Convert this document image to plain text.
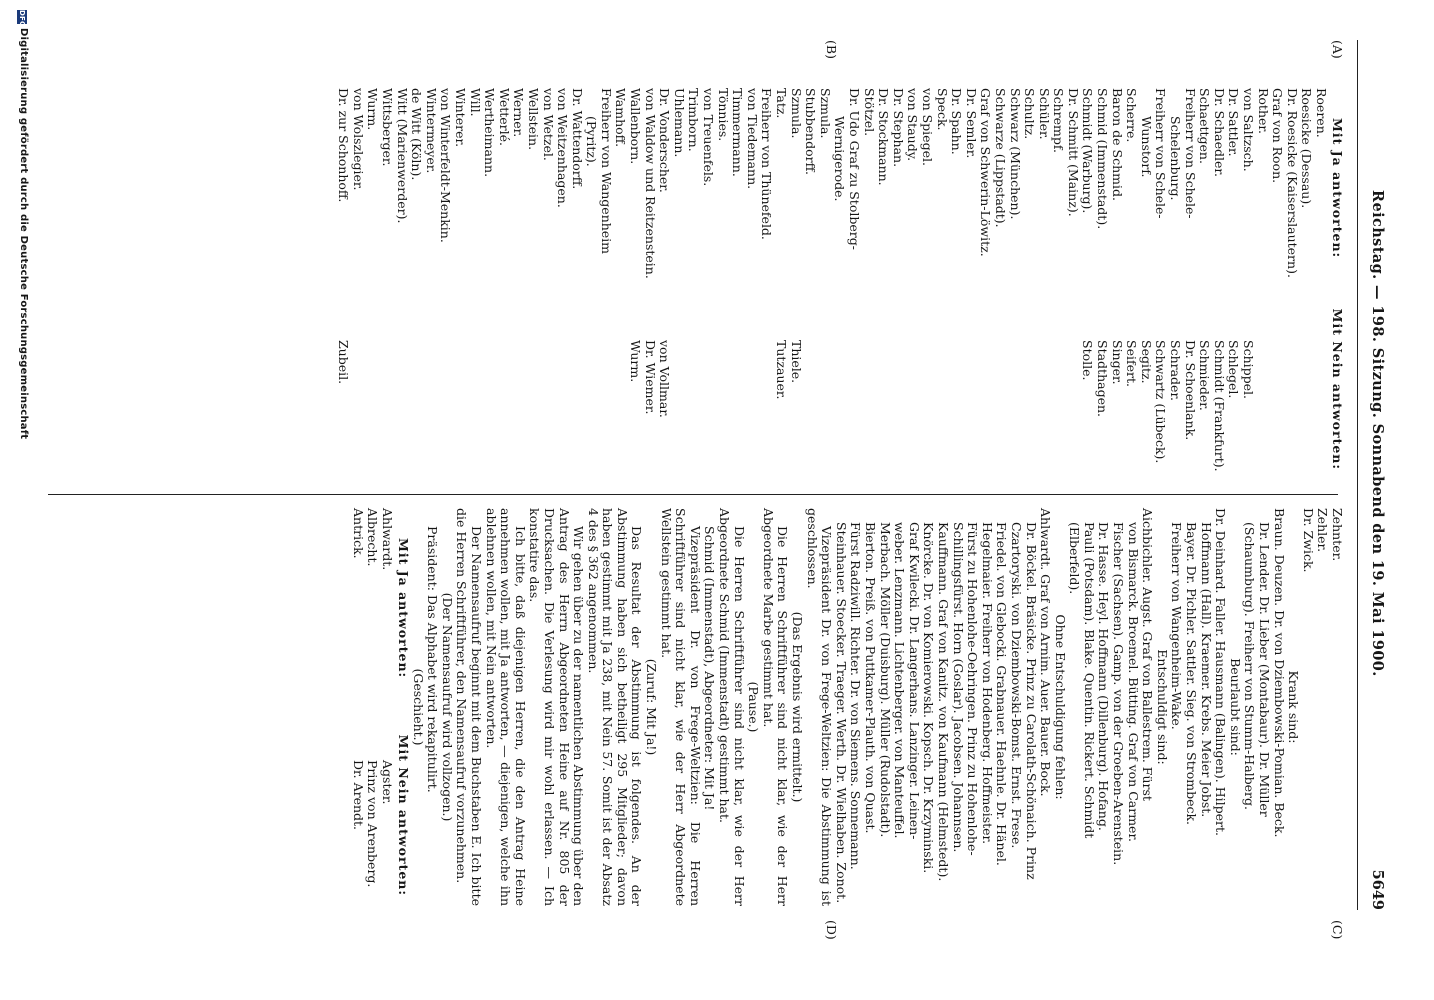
Reichstag. — 198. Sitzung. Sonnabend den 19. Mai 1900.
5649
(A)
(B)
(C)
(D)
Mit Ja antworten:
Mit Nein antworten:
Roeren.
Roesicke (Dessau).
Dr. Roesicke (Kaiserslautern).
Graf von Roon.
Rother.
von Saltzsch.
Schippel.
Dr. Sattler.
Schlegel.
Dr. Schaedler.
Schmidt (Frankfurt).
Schaettgen.
Schmieder.
Freiherr von Schele-
Dr. Schoenlank.
Schelenburg.
Schrader.
Freiherr von Schele-
Schwartz (Lübeck).
Wunstorf.
Segitz.
Scherre.
Seifert.
Baron de Schmid.
Singer.
Schmid (Immenstadt).
Stadthagen.
Schmidt (Warburg).
Stolle.
Dr. Schmitt (Mainz).
Schrempf.
Schüler.
Schultz.
Schwarz (München).
Schwarze (Lippstadt).
Graf von Schwerin-Löwitz.
Dr. Semler.
Dr. Spahn.
Speck.
von Spiegel.
von Staudy.
Dr. Stephan.
Dr. Stockmann.
Stötzel.
Dr. Udo Graf zu Stolberg-
Wernigerode.
Szmula.
Stubbendorff.
Szmula.
Thiele.
Tatz.
Tutzauer.
Freiherr von Thünefeld.
von Tiedemann.
Timmermann.
Tönnies.
von Treuenfels.
Trimborn.
Uhlemann.
Dr. Vonderscher.
von Vollmar.
von Waldow und Reitzenstein.
Dr. Wiemer.
Wallenborn.
Wurm.
Wamhoff.
Freiherr von Wangenheim
(Pyritz).
Dr. Wattendorff.
von Weitzenhagen.
von Wetzel.
Wellstein.
Werner.
Wetterlé.
Wertheimann.
Will.
Winterer.
von Winterfeldt-Menkin.
Wintermeyer.
de Witt (Köln).
Witt (Marienwerder).
Wittsberger.
Wurm.
von Wolszlegier.
Dr. zur Schonhoff.
Zubeil.
Zehnter.
Zehler.
Dr. Zwick.
Krank sind:
Braun. Deuzen. Dr. von Dziembowski-Pomian. Beck.
Dr. Lender. Dr. Lieber (Montabaur). Dr. Müller
(Schaumburg). Freiherr von Stumm-Halberg.
Beurlaubt sind:
Dr. Deinhard. Faller. Hausmann (Balingen). Hilpert.
Hoffmann (Hall). Kraemer. Krebs. Meier Jobst.
Bayer. Dr. Pichler. Sattler. Sieg. von Strombeck.
Freiherr von Wangenheim-Wake.
Entschuldigt sind:
Aichbichler. Augst. Graf von Ballestrem. Fürst
von Bismarck. Broemel. Bütting. Graf von Carmer.
Fischer (Sachsen). Gamp. von der Groeben-Arenstein.
Dr. Hasse. Heyl. Hoffmann (Dillenburg). Hofang.
Pauli (Potsdam). Blake. Quentin. Rickert. Schmidt
(Elberfeld).
Ohne Entschuldigung fehlen:
Ahlwardt. Graf von Arnim. Auer. Bauer. Bock.
Dr. Böckel. Bräsicke. Prinz zu Carolath-Schönaich. Prinz
Czartoryski. von Dziembowski-Bomst. Ernst. Frese.
Friedel. von Glebocki. Grabnauer. Haehnle. Dr. Hänel.
Hegelmaier. Freiherr von Hodenberg. Hoffmeister.
Fürst zu Hohenlohe-Oehringen. Prinz zu Hohenlohe-
Schillingsfürst. Horn (Goslar). Jacobsen. Johannsen.
Kauffmann. Graf von Kanitz. von Kaufmann (Helmstedt).
Knörcke. Dr. von Komierowski. Kopsch. Dr. Krzyminski.
Graf Kwilecki. Dr. Langerhans. Lanzinger. Leinen-
weber. Lenzmann. Lichtenberger. von Manteuffel.
Merbach. Möller (Duisburg). Müller (Rudolstadt).
Bierton. Preiß. von Puttkamer-Plauth. von Quast.
Fürst Radziwill. Richter. Dr. von Siemens. Sonnemann.
Steinhauer. Stoecker. Traeger. Werth. Dr. Wielhaben. Zonot.
Vizepräsident Dr. von Frege-Weltzien: Die Abstimmung ist geschlossen.
(Das Ergebnis wird ermittelt.)
Die Herren Schriftführer sind nicht klar, wie der Herr Abgeordnete Marbe gestimmt hat.
(Pause.)
Die Herren Schriftführer sind nicht klar, wie der Herr Abgeordnete Schmid (Immenstadt) gestimmt hat.
Schmid (Immenstadt), Abgeordneter: Mit Ja!
Vizepräsident Dr. von Frege-Weltzien: Die Herren Schriftführer sind nicht klar, wie der Herr Abgeordnete Wellstein gestimmt hat.
(Zuruf: Mit Ja!)
Das Resultat der Abstimmung ist folgendes. An der Abstimmung haben sich betheiligt 295 Mitglieder; davon haben gestimmt mit Ja 238, mit Nein 57. Somit ist der Absatz 4 des § 362 angenommen.
Wir gehen über zu der namentlichen Abstimmung über den Antrag des Herrn Abgeordneten Heine auf Nr. 805 der Drucksachen. Die Verlesung wird mir wohl erlassen. — Ich konstatire das.
Ich bitte, daß diejenigen Herren, die den Antrag Heine annehmen wollen, mit Ja antworten, — diejenigen, welche ihn ablehnen wollen, mit Nein antworten.
Der Namensaufruf beginnt mit dem Buchstaben E. Ich bitte die Herren Schriftführer, den Namensaufruf vorzunehmen.
(Der Namensaufruf wird vollzogen.)
Präsident: Das Alphabet wird rekapitulirt.
(Geschieht.)
Mit Ja antworten:
Mit Nein antworten:
Ahlwardt.
Agster.
Albrecht.
Prinz von Arenberg.
Antrick.
Dr. Arendt.
DFGDigitalisierung gefördert durch die Deutsche Forschungsgemeinschaft
